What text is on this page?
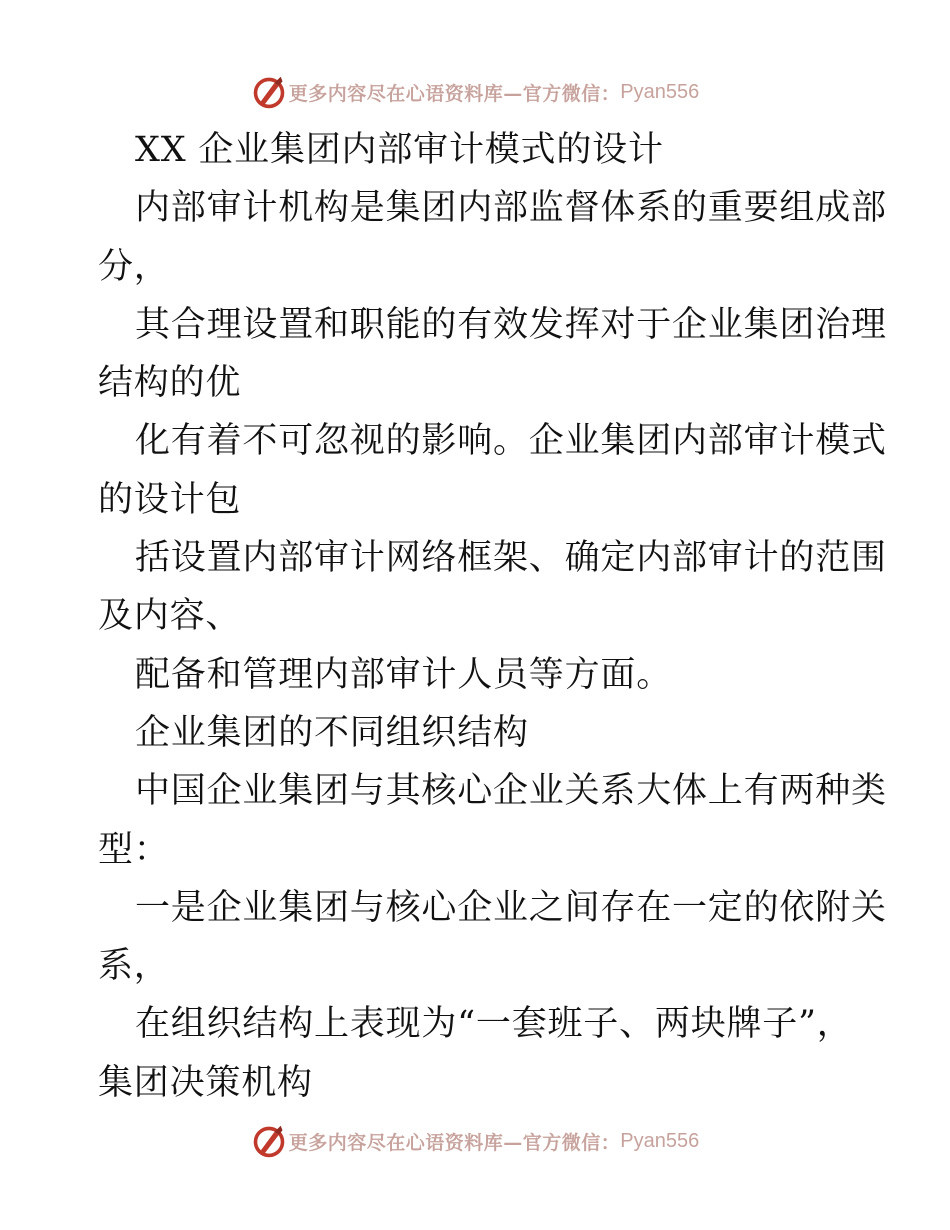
更多内容尽在心语资料库—官方微信： Pyan556
XX 企业集团内部审计模式的设计
内部审计机构是集团内部监督体系的重要组成部
分，
其合理设置和职能的有效发挥对于企业集团治理
结构的优
化有着不可忽视的影响。企业集团内部审计模式
的设计包
括设置内部审计网络框架、确定内部审计的范围
及内容、
配备和管理内部审计人员等方面。
企业集团的不同组织结构
中国企业集团与其核心企业关系大体上有两种类
型：
一是企业集团与核心企业之间存在一定的依附关
系，
在组织结构上表现为“一套班子、两块牌子”，
集团决策机构
更多内容尽在心语资料库—官方微信： Pyan556
